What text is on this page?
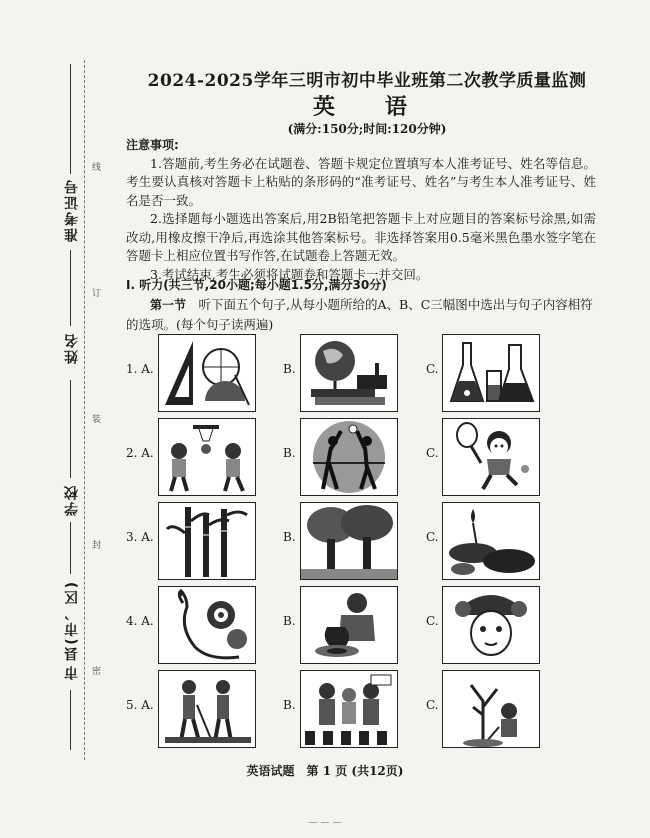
准考证号
姓名
学校
县(市、区)
市
线
订
装
封
密
2024-2025学年三明市初中毕业班第二次教学质量监测
英　语
(满分:150分;时间:120分钟)
注意事项:

1.答题前,考生务必在试题卷、答题卡规定位置填写本人准考证号、姓名等信息。考生要认真核对答题卡上粘贴的条形码的“准考证号、姓名”与考生本人准考证号、姓名是否一致。

2.选择题每小题选出答案后,用2B铅笔把答题卡上对应题目的答案标号涂黑,如需改动,用橡皮擦干净后,再选涂其他答案标号。非选择答案用0.5毫米黑色墨水签字笔在答题卡上相应位置书写作答,在试题卷上答题无效。

3.考试结束,考生必须将试题卷和答题卡一并交回。

Ⅰ. 听力(共三节,20小题;每小题1.5分,满分30分)

第一节　 听下面五个句子,从每小题所给的A、B、C三幅图中选出与句子内容相符的选项。(每个句子读两遍)

1. A.	B.	C.
2. A.	B.	C.
3. A.	B.	C.
4. A.	B.	C.
5. A.	B.	C.
英语试题　第 1 页 (共12页)
— — —
